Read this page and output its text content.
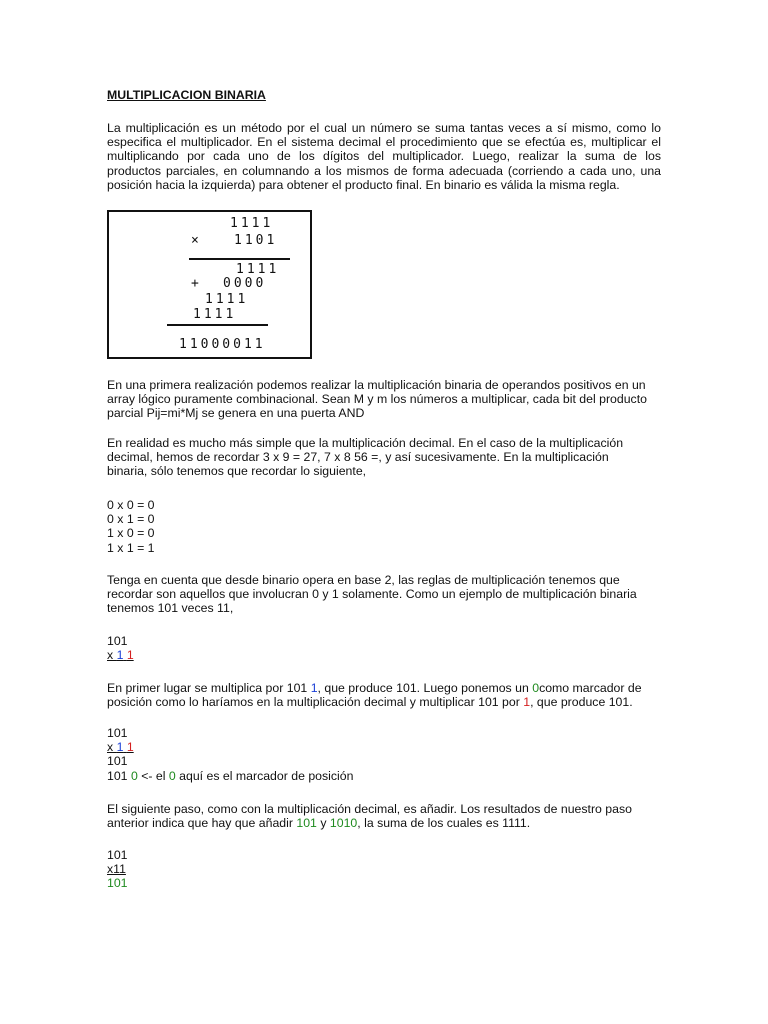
MULTIPLICACION BINARIA
La multiplicación es un método por el cual un número se suma tantas veces a sí mismo, como lo
especifica el multiplicador. En el sistema decimal el procedimiento que se efectúa es, multiplicar el
multiplicando por cada uno de los dígitos del multiplicador. Luego, realizar la suma de los
productos parciales, en columnando a los mismos de forma adecuada (corriendo a cada uno, una
posición hacia la izquierda) para obtener el producto final. En binario es válida la misma regla.
1111
× 1101
1111
+ 0000
1111
1111
11000011
En una primera realización podemos realizar la multiplicación binaria de operandos positivos en un
array lógico puramente combinacional. Sean M y m los números a multiplicar, cada bit del producto
parcial Pij=mi*Mj se genera en una puerta AND
En realidad es mucho más simple que la multiplicación decimal. En el caso de la multiplicación
decimal, hemos de recordar 3 x 9 = 27, 7 x 8 56 =, y así sucesivamente. En la multiplicación
binaria, sólo tenemos que recordar lo siguiente,
0 x 0 = 0
0 x 1 = 0
1 x 0 = 0
1 x 1 = 1
Tenga en cuenta que desde binario opera en base 2, las reglas de multiplicación tenemos que
recordar son aquellos que involucran 0 y 1 solamente. Como un ejemplo de multiplicación binaria
tenemos 101 veces 11,
101
x 1 1
En primer lugar se multiplica por 101 1, que produce 101. Luego ponemos un 0como marcador de
posición como lo haríamos en la multiplicación decimal y multiplicar 101 por 1, que produce 101.
101
x 1 1
101
101 0 <- el 0 aquí es el marcador de posición
El siguiente paso, como con la multiplicación decimal, es añadir. Los resultados de nuestro paso
anterior indica que hay que añadir 101 y 1010, la suma de los cuales es 1111.
101
x11
101
